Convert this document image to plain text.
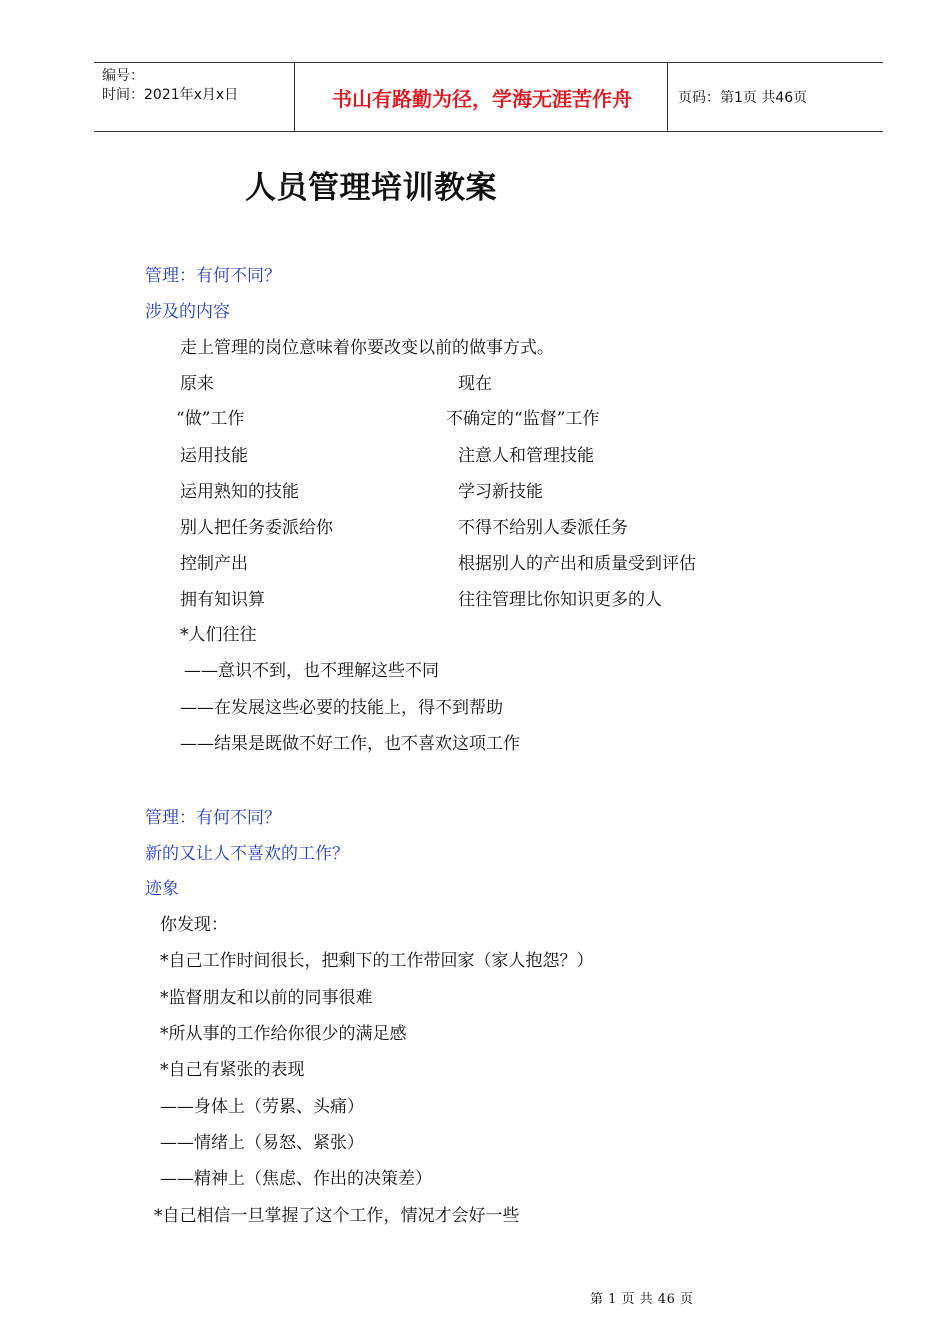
编号：
时间：2021年x月x日	书山有路勤为径，学海无涯苦作舟	页码：第1页 共46页
人员管理培训教案
管理：有何不同？
涉及的内容
走上管理的岗位意味着你要改变以前的做事方式。
原来	现在
“做”工作	不确定的“监督”工作
运用技能	注意人和管理技能
运用熟知的技能	学习新技能
别人把任务委派给你	不得不给别人委派任务
控制产出	根据别人的产出和质量受到评估
拥有知识算	往往管理比你知识更多的人
*人们往往
——意识不到，也不理解这些不同
——在发展这些必要的技能上，得不到帮助
——结果是既做不好工作，也不喜欢这项工作
管理：有何不同？
新的又让人不喜欢的工作？
迹象
你发现：
*自己工作时间很长，把剩下的工作带回家（家人抱怨？）
*监督朋友和以前的同事很难
*所从事的工作给你很少的满足感
*自己有紧张的表现
——身体上（劳累、头痛）
——情绪上（易怒、紧张）
——精神上（焦虑、作出的决策差）
*自己相信一旦掌握了这个工作，情况才会好一些
第 1 页 共 46 页
